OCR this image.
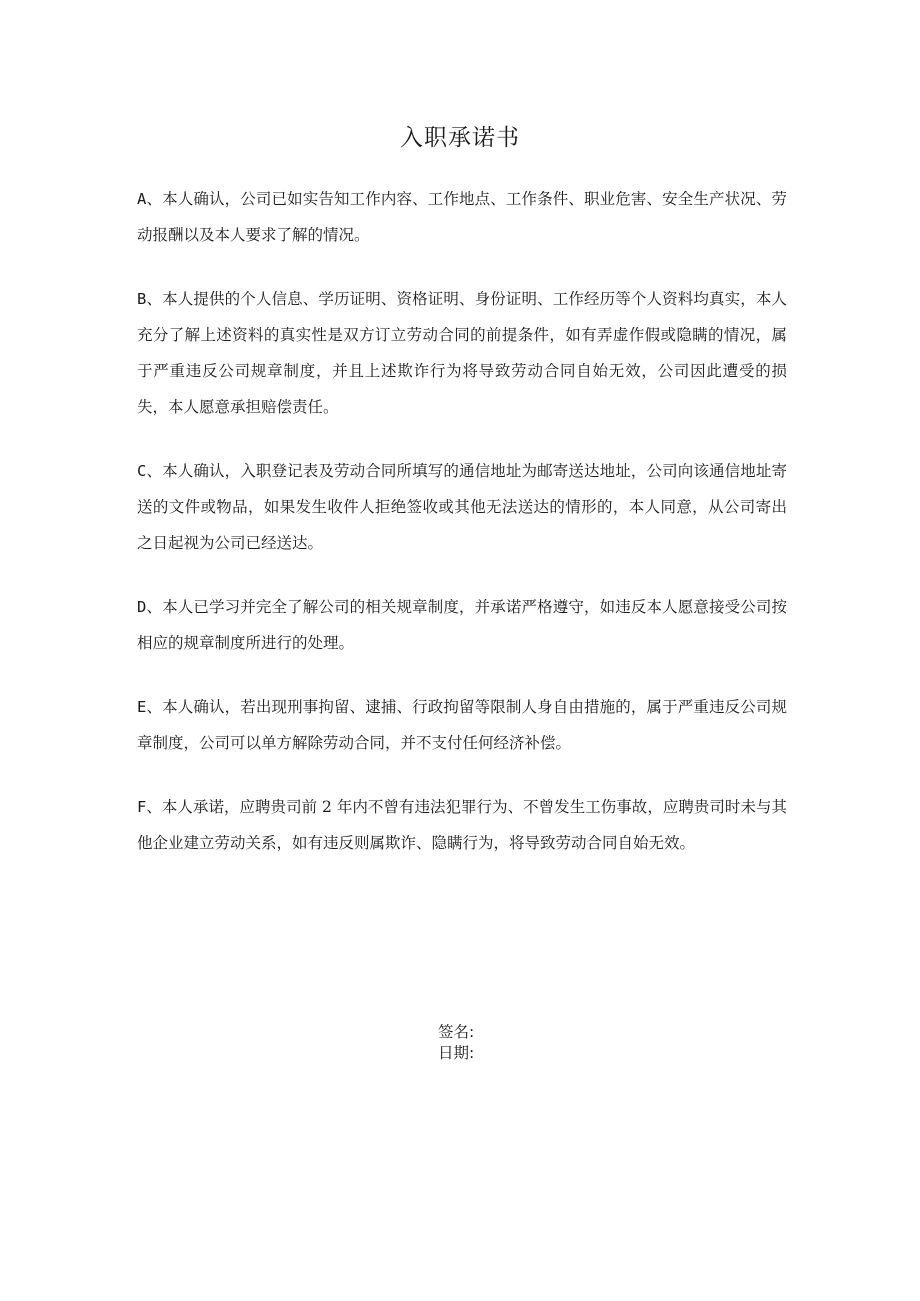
入职承诺书

A、本人确认，公司已如实告知工作内容、工作地点、工作条件、职业危害、安全生产状况、劳动报酬以及本人要求了解的情况。

B、本人提供的个人信息、学历证明、资格证明、身份证明、工作经历等个人资料均真实，本人充分了解上述资料的真实性是双方订立劳动合同的前提条件，如有弄虚作假或隐瞒的情况，属于严重违反公司规章制度，并且上述欺诈行为将导致劳动合同自始无效，公司因此遭受的损失，本人愿意承担赔偿责任。

C、本人确认，入职登记表及劳动合同所填写的通信地址为邮寄送达地址，公司向该通信地址寄送的文件或物品，如果发生收件人拒绝签收或其他无法送达的情形的，本人同意，从公司寄出之日起视为公司已经送达。

D、本人已学习并完全了解公司的相关规章制度，并承诺严格遵守，如违反本人愿意接受公司按相应的规章制度所进行的处理。

E、本人确认，若出现刑事拘留、逮捕、行政拘留等限制人身自由措施的，属于严重违反公司规章制度，公司可以单方解除劳动合同，并不支付任何经济补偿。

F、本人承诺，应聘贵司前 2 年内不曾有违法犯罪行为、不曾发生工伤事故，应聘贵司时未与其他企业建立劳动关系，如有违反则属欺诈、隐瞒行为，将导致劳动合同自始无效。

签名:
日期:
